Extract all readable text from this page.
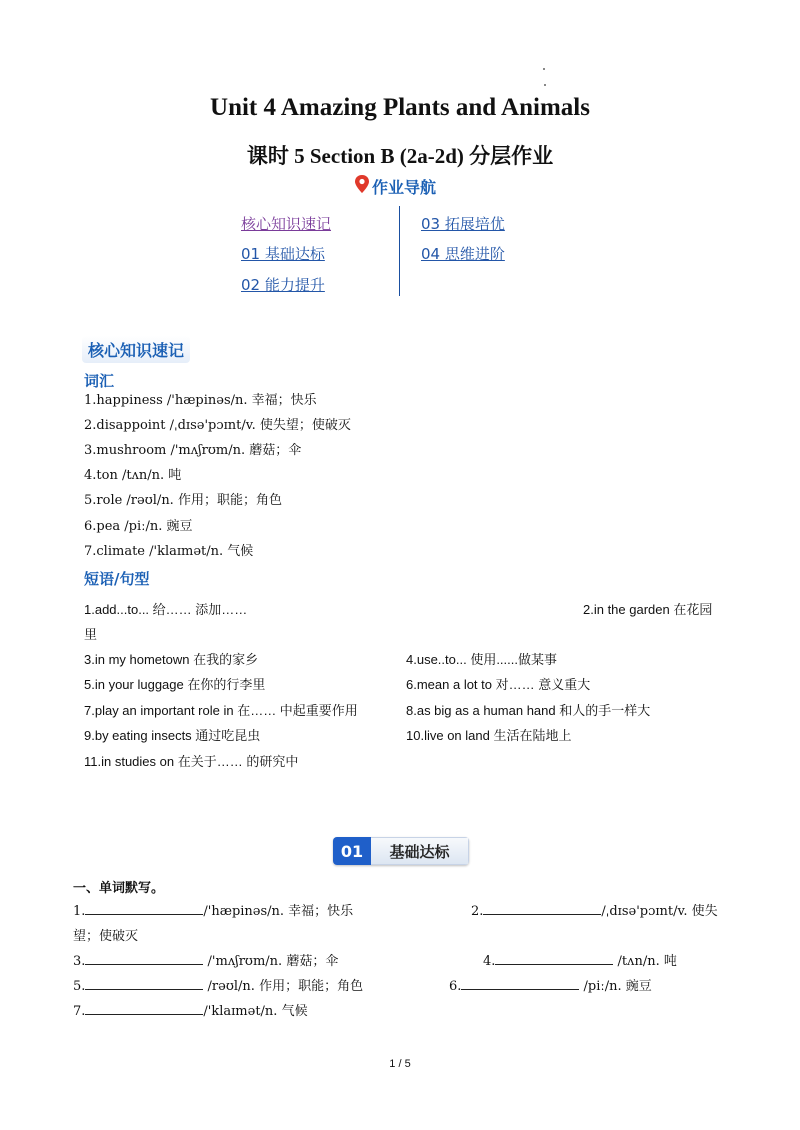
Unit 4 Amazing Plants and Animals
课时 5 Section B (2a-2d) 分层作业
作业导航
核心知识速记
01 基础达标
02 能力提升
03 拓展培优
04 思维进阶
核心知识速记
词汇
1.happiness /'hæpinəs/n. 幸福；快乐
2.disappoint /ˌdɪsə'pɔɪnt/v. 使失望；使破灭
3.mushroom /'mʌʃrʊm/n. 蘑菇；伞
4.ton /tʌn/n. 吨
5.role /rəʊl/n. 作用；职能；角色
6.pea /piː/n. 豌豆
7.climate /'klaɪmət/n. 气候
短语/句型
1.add...to... 给…… 添加……	2.in the garden 在花园
里
3.in my hometown 在我的家乡	4.use..to... 使用......做某事
5.in your luggage 在你的行李里	6.mean a lot to 对…… 意义重大
7.play an important role in 在…… 中起重要作用	8.as big as a human hand 和人的手一样大
9.by eating insects 通过吃昆虫	10.live on land 生活在陆地上
11.in studies on 在关于…… 的研究中
01	基础达标
一、单词默写。
1.	/'hæpinəs/n. 幸福；快乐	2.	/ˌdɪsə'pɔɪnt/v. 使失
望；使破灭
3.	/'mʌʃrʊm/n. 蘑菇；伞	4.	/tʌn/n. 吨
5.	/rəʊl/n. 作用；职能；角色	6.	/piː/n. 豌豆
7.	/'klaɪmət/n. 气候
1 / 5
